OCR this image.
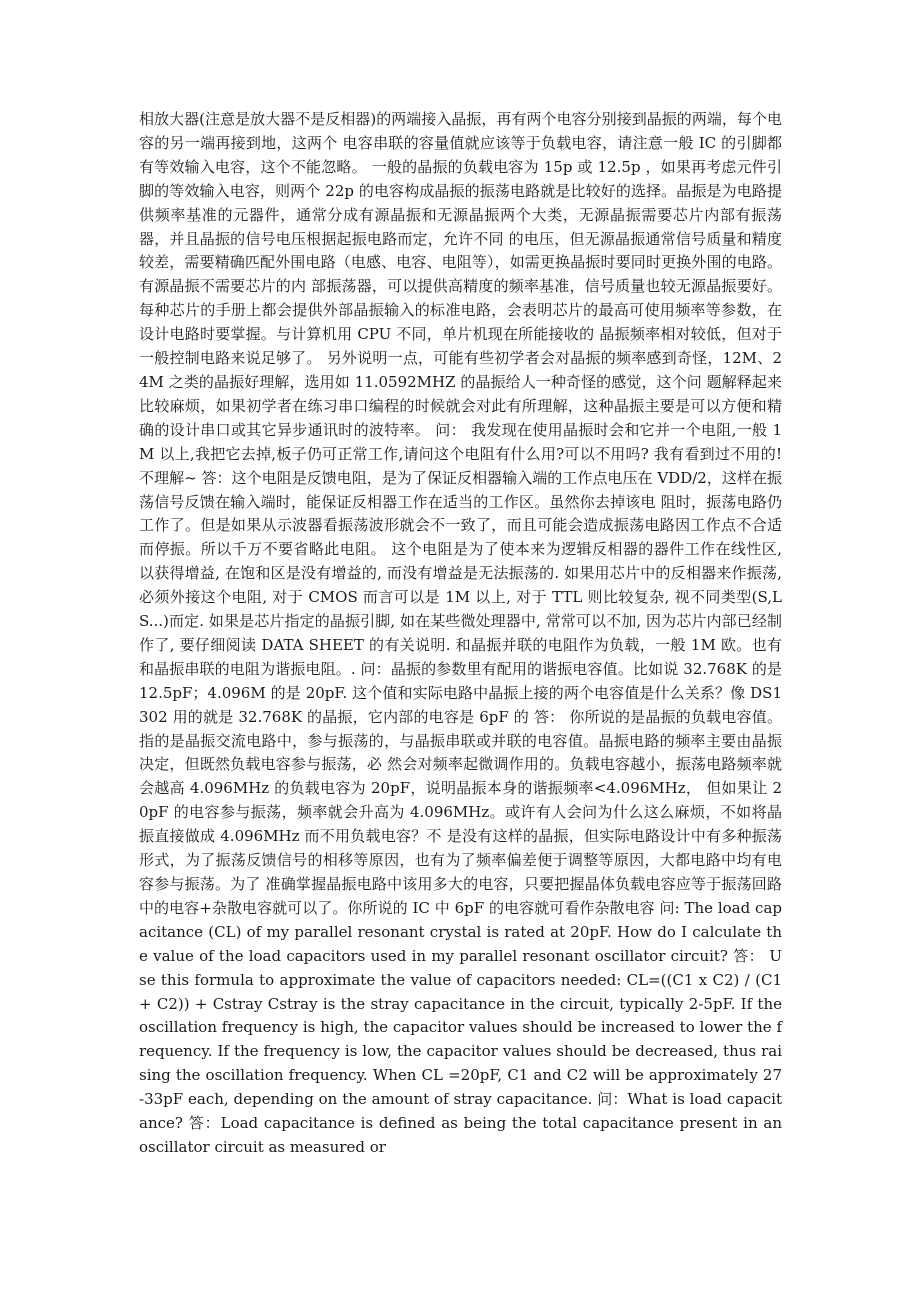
相放大器(注意是放大器不是反相器)的两端接入晶振，再有两个电容分别接到晶振的两端，每个电容的另一端再接到地，这两个 电容串联的容量值就应该等于负载电容，请注意一般 IC 的引脚都有等效输入电容，这个不能忽略。 一般的晶振的负载电容为 15p 或 12.5p ，如果再考虑元件引脚的等效输入电容，则两个 22p 的电容构成晶振的振荡电路就是比较好的选择。晶振是为电路提供频率基准的元器件，通常分成有源晶振和无源晶振两个大类，无源晶振需要芯片内部有振荡器，并且晶振的信号电压根据起振电路而定，允许不同 的电压，但无源晶振通常信号质量和精度较差，需要精确匹配外围电路（电感、电容、电阻等），如需更换晶振时要同时更换外围的电路。有源晶振不需要芯片的内 部振荡器，可以提供高精度的频率基准，信号质量也较无源晶振要好。 每种芯片的手册上都会提供外部晶振输入的标准电路，会表明芯片的最高可使用频率等参数，在设计电路时要掌握。与计算机用 CPU 不同，单片机现在所能接收的 晶振频率相对较低，但对于一般控制电路来说足够了。 另外说明一点，可能有些初学者会对晶振的频率感到奇怪，12M、24M 之类的晶振好理解，选用如 11.0592MHZ 的晶振给人一种奇怪的感觉，这个问 题解释起来比较麻烦，如果初学者在练习串口编程的时候就会对此有所理解，这种晶振主要是可以方便和精确的设计串口或其它异步通讯时的波特率。 问： 我发现在使用晶振时会和它并一个电阻,一般 1M 以上,我把它去掉,板子仍可正常工作,请问这个电阻有什么用?可以不用吗? 我有看到过不用的!不理解~ 答：这个电阻是反馈电阻，是为了保证反相器输入端的工作点电压在 VDD/2，这样在振荡信号反馈在输入端时，能保证反相器工作在适当的工作区。虽然你去掉该电 阻时，振荡电路仍工作了。但是如果从示波器看振荡波形就会不一致了，而且可能会造成振荡电路因工作点不合适而停振。所以千万不要省略此电阻。 这个电阻是为了使本来为逻辑反相器的器件工作在线性区, 以获得增益, 在饱和区是没有增益的, 而没有增益是无法振荡的. 如果用芯片中的反相器来作振荡, 必须外接这个电阻, 对于 CMOS 而言可以是 1M 以上, 对于 TTL 则比较复杂, 视不同类型(S,LS...)而定. 如果是芯片指定的晶振引脚, 如在某些微处理器中, 常常可以不加, 因为芯片内部已经制作了, 要仔细阅读 DATA SHEET 的有关说明. 和晶振并联的电阻作为负载，一般 1M 欧。也有和晶振串联的电阻为谐振电阻。. 问：晶振的参数里有配用的谐振电容值。比如说 32.768K 的是 12.5pF；4.096M 的是 20pF. 这个值和实际电路中晶振上接的两个电容值是什么关系？像 DS1302 用的就是 32.768K 的晶振，它内部的电容是 6pF 的 答： 你所说的是晶振的负载电容值。指的是晶振交流电路中，参与振荡的，与晶振串联或并联的电容值。晶振电路的频率主要由晶振决定，但既然负载电容参与振荡，必 然会对频率起微调作用的。负载电容越小，振荡电路频率就会越高 4.096MHz 的负载电容为 20pF，说明晶振本身的谐振频率<4.096MHz， 但如果让 20pF 的电容参与振荡，频率就会升高为 4.096MHz。或许有人会问为什么这么麻烦，不如将晶振直接做成 4.096MHz 而不用负载电容？不 是没有这样的晶振，但实际电路设计中有多种振荡形式，为了振荡反馈信号的相移等原因，也有为了频率偏差便于调整等原因，大都电路中均有电容参与振荡。为了 准确掌握晶振电路中该用多大的电容，只要把握晶体负载电容应等于振荡回路中的电容+杂散电容就可以了。你所说的 IC 中 6pF 的电容就可看作杂散电容 问: The load capacitance (CL) of my parallel resonant crystal is rated at 20pF. How do I calculate the value of the load capacitors used in my parallel resonant oscillator circuit? 答： Use this formula to approximate the value of capacitors needed: CL=((C1 x C2) / (C1 + C2)) + Cstray Cstray is the stray capacitance in the circuit, typically 2-5pF. If the oscillation frequency is high, the capacitor values should be increased to lower the frequency. If the frequency is low, the capacitor values should be decreased, thus raising the oscillation frequency. When CL =20pF, C1 and C2 will be approximately 27-33pF each, depending on the amount of stray capacitance. 问：What is load capacitance? 答：Load capacitance is defined as being the total capacitance present in an oscillator circuit as measured or
